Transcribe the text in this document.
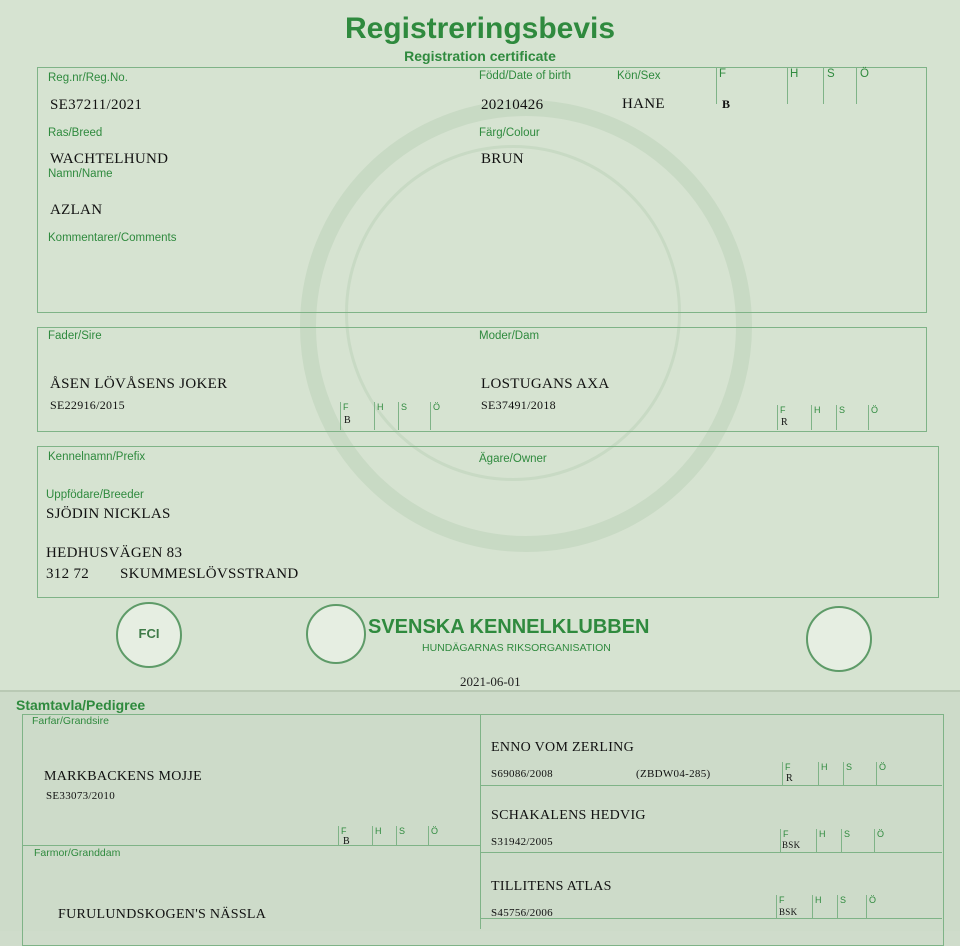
Registreringsbevis
Registration certificate
Reg.nr/Reg.No.
SE37211/2021
Född/Date of birth
20210426
Kön/Sex
HANE
F	H S Ö
B
Ras/Breed
WACHTELHUND
Färg/Colour
BRUN
Namn/Name
AZLAN
Kommentarer/Comments
Fader/Sire
ÅSEN LÖVÅSENS JOKER
SE22916/2015	F	H S	Ö
B
Moder/Dam
LOSTUGANS AXA
SE37491/2018	F	H S	Ö
R
Kennelnamn/Prefix	Ägare/Owner
Uppfödare/Breeder
SJÖDIN NICKLAS
HEDHUSVÄGEN 83
312 72 SKUMMESLÖVSSTRAND
FCI	SVENSKA KENNELKLUBBEN
HUNDÄGARNAS RIKSORGANISATION
2021-06-01
Stamtavla/Pedigree
Farfar/Grandsire
MARKBACKENS MOJJE
SE33073/2010
F	H S	Ö
B
Farmor/Granddam
FURULUNDSKOGEN'S NÄSSLA
ENNO VOM ZERLING
S69086/2008	(ZBDW04-285)
F	H S	Ö
R
SCHAKALENS HEDVIG
S31942/2005
F	H S	Ö
BSK
TILLITENS ATLAS
S45756/2006
F	H S	Ö
BSK
